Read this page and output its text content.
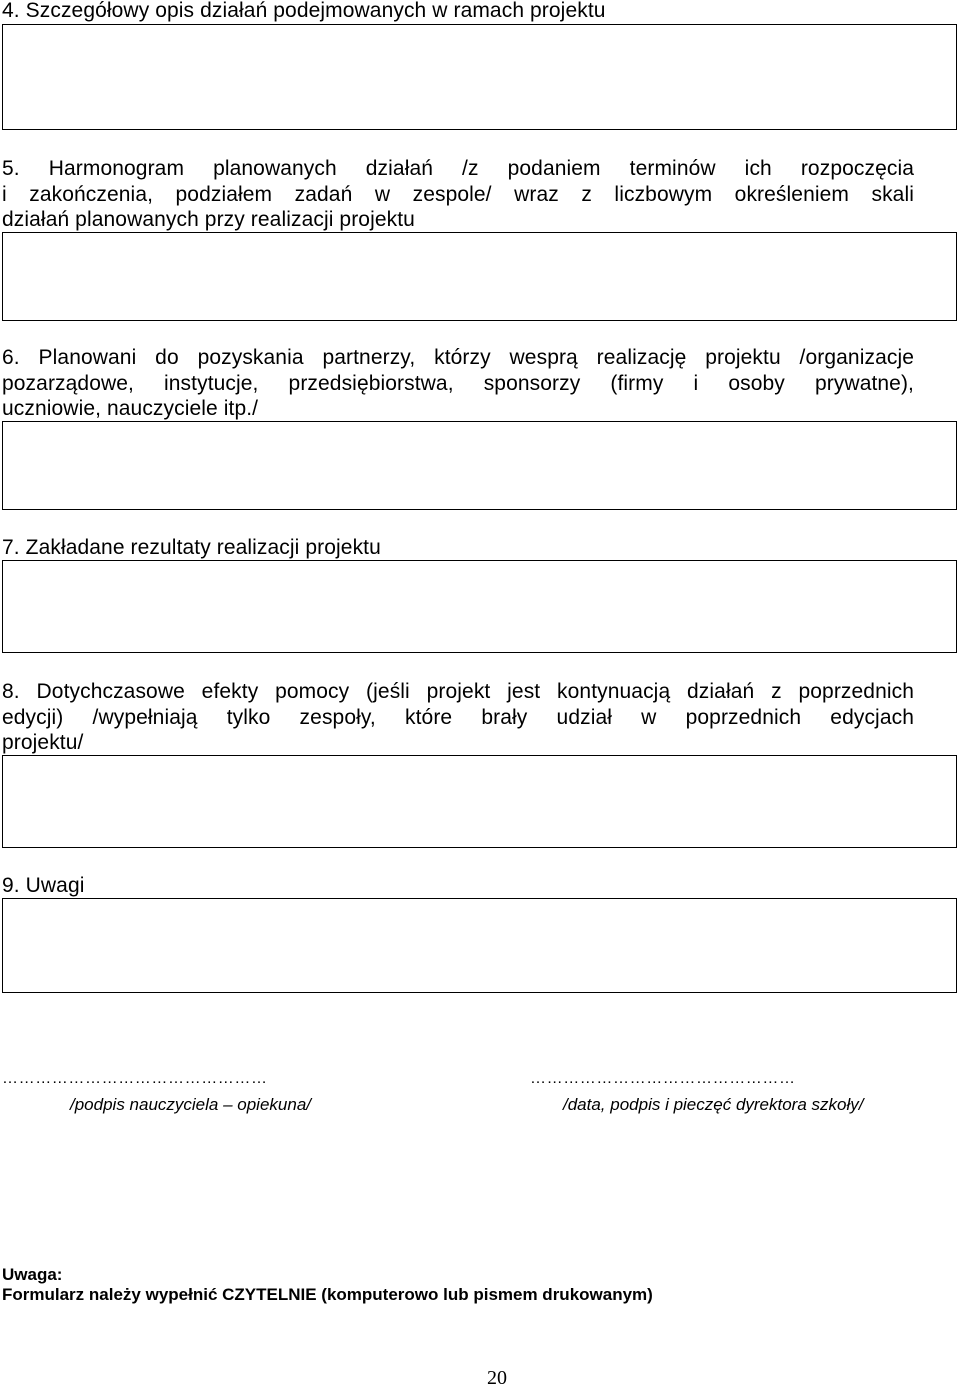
4. Szczegółowy opis działań podejmowanych w ramach projektu
5. Harmonogram planowanych działań /z podaniem terminów ich rozpoczęcia
i zakończenia, podziałem zadań w zespole/ wraz z liczbowym określeniem skali
działań planowanych przy realizacji projektu
6. Planowani do pozyskania partnerzy, którzy wesprą realizację projektu /organizacje
pozarządowe, instytucje, przedsiębiorstwa, sponsorzy (firmy i osoby prywatne),
uczniowie, nauczyciele itp./
7. Zakładane rezultaty realizacji projektu
8. Dotychczasowe efekty pomocy (jeśli projekt jest kontynuacją działań z poprzednich
edycji) /wypełniają tylko zespoły, które brały udział w poprzednich edycjach
projektu/
9. Uwagi
…………………………………………
/podpis nauczyciela – opiekuna/
…………………………………………
/data, podpis i pieczęć dyrektora szkoły/
Uwaga:
Formularz należy wypełnić CZYTELNIE (komputerowo lub pismem drukowanym)
20
